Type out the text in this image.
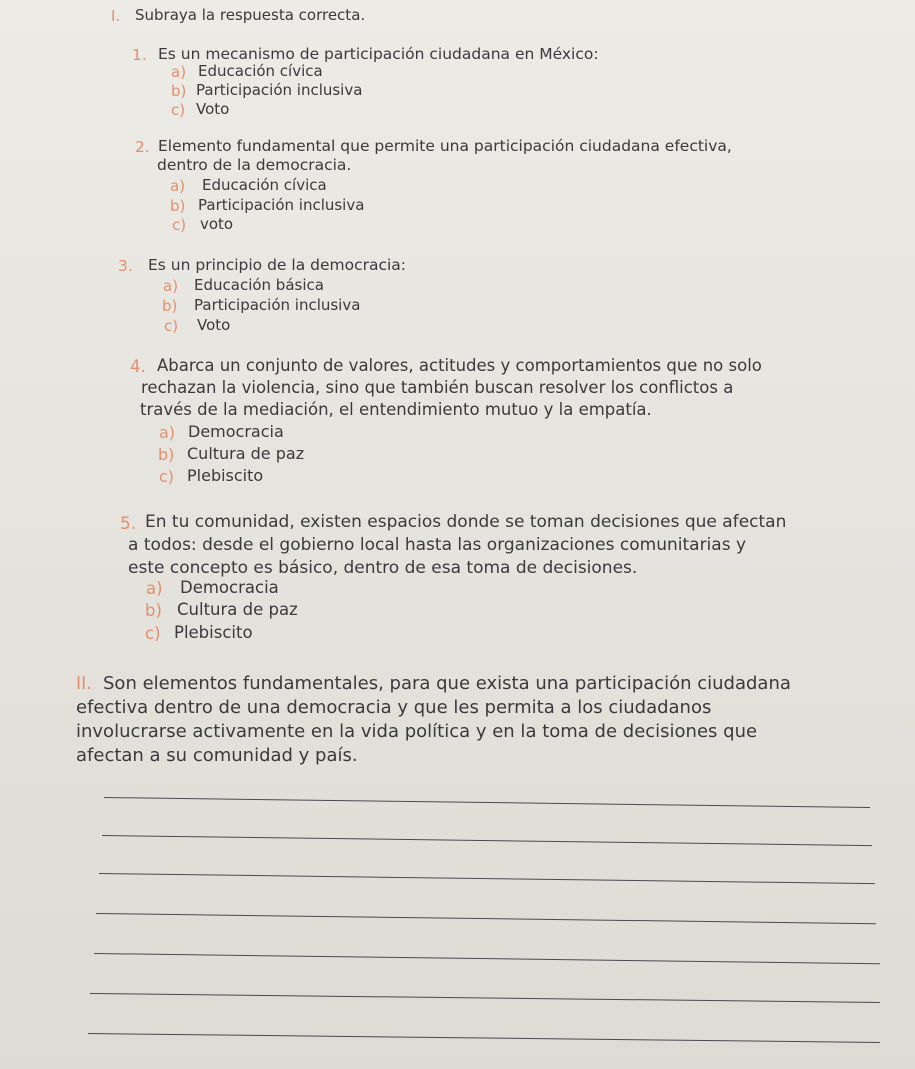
I. Subraya la respuesta correcta.
1. Es un mecanismo de participación ciudadana en México:
a) Educación cívica
b) Participación inclusiva
c) Voto
2. Elemento fundamental que permite una participación ciudadana efectiva,
dentro de la democracia.
a) Educación cívica
b) Participación inclusiva
c) voto
3. Es un principio de la democracia:
a) Educación básica
b) Participación inclusiva
c) Voto
4. Abarca un conjunto de valores, actitudes y comportamientos que no solo
rechazan la violencia, sino que también buscan resolver los conflictos a
través de la mediación, el entendimiento mutuo y la empatía.
a) Democracia
b) Cultura de paz
c) Plebiscito
5. En tu comunidad, existen espacios donde se toman decisiones que afectan
a todos: desde el gobierno local hasta las organizaciones comunitarias y
este concepto es básico, dentro de esa toma de decisiones.
a) Democracia
b) Cultura de paz
c) Plebiscito
II. Son elementos fundamentales, para que exista una participación ciudadana
efectiva dentro de una democracia y que les permita a los ciudadanos
involucrarse activamente en la vida política y en la toma de decisiones que
afectan a su comunidad y país.
